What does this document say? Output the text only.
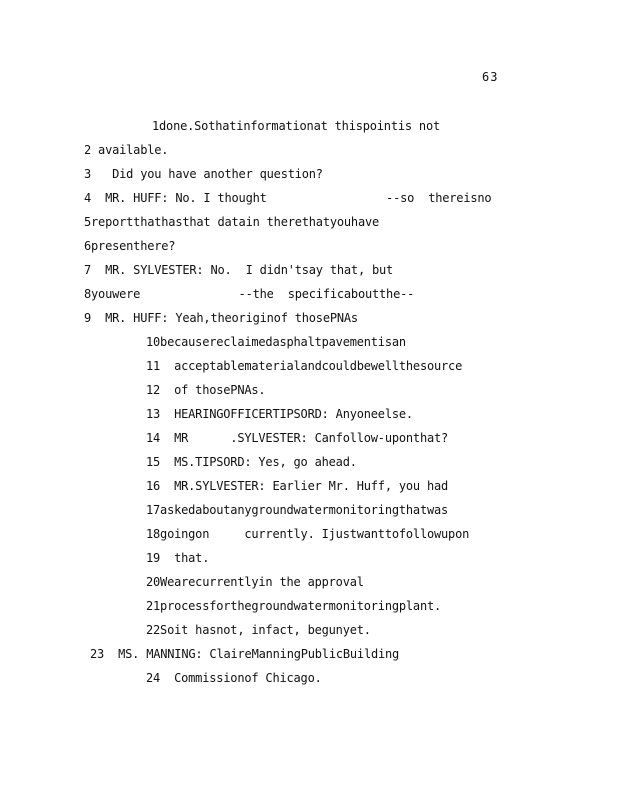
63
1done.Sothatinformationat thispointis not
2 available.
3   Did you have another question?
4  MR. HUFF: No. I thought                 --so  thereisno
5reportthathasthat datain therethatyouhave
6presenthere?
7  MR. SYLVESTER: No.  I didn'tsay that, but
8youwere              --the  specificaboutthe--
9  MR. HUFF: Yeah,theoriginof thosePNAs
10becausereclaimedasphaltpavementisan
11  acceptablematerialandcouldbewellthesource
12  of thosePNAs.
13  HEARINGOFFICERTIPSORD: Anyoneelse.
14  MR      .SYLVESTER: Canfollow-uponthat?
15  MS.TIPSORD: Yes, go ahead.
16  MR.SYLVESTER: Earlier Mr. Huff, you had
17askedaboutanygroundwatermonitoringthatwas
18goingon     currently. Ijustwanttofollowupon
19  that.
20Wearecurrentlyin the approval
21processforthegroundwatermonitoringplant.
22Soit hasnot, infact, begunyet.
23  MS. MANNING: ClaireManningPublicBuilding
24  Commissionof Chicago.
